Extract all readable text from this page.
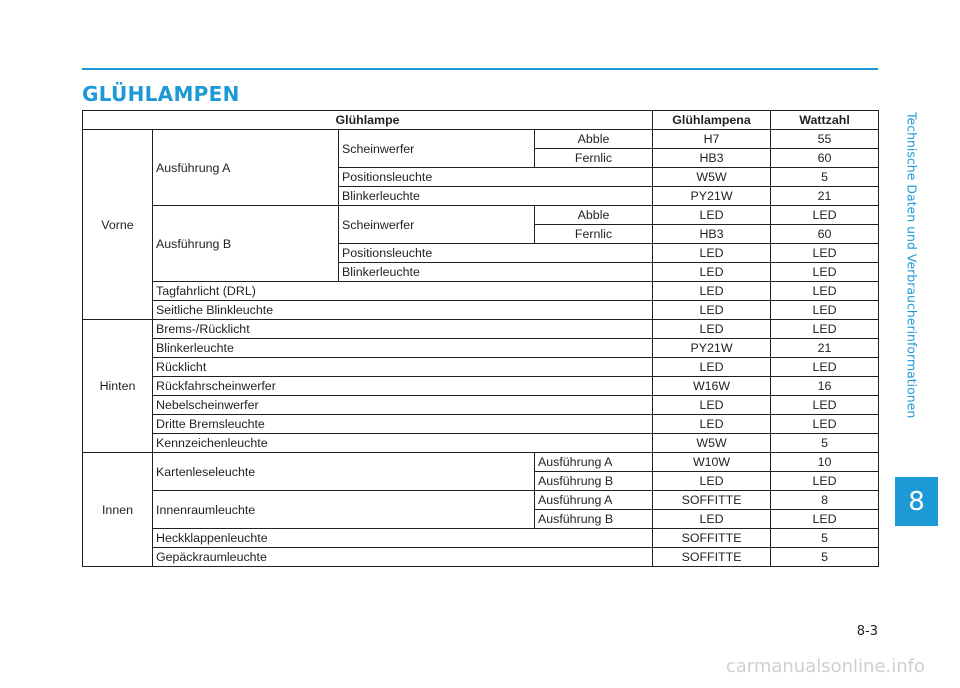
GLÜHLAMPEN
Technische Daten und Verbraucherinformationen
8
Glühlampe				Glühlampena	Wattzahl
Vorne	Ausführung A	Scheinwerfer	Abble	H7	55
			Fernlic	HB3	60
		Positionsleuchte		W5W	5
		Blinkerleuchte		PY21W	21
	Ausführung B	Scheinwerfer	Abble	LED	LED
			Fernlic	HB3	60
		Positionsleuchte		LED	LED
		Blinkerleuchte		LED	LED
	Tagfahrlicht (DRL)			LED	LED
	Seitliche Blinkleuchte			LED	LED
Hinten	Brems-/Rücklicht			LED	LED
	Blinkerleuchte			PY21W	21
	Rücklicht			LED	LED
	Rückfahrscheinwerfer			W16W	16
	Nebelscheinwerfer			LED	LED
	Dritte Bremsleuchte			LED	LED
	Kennzeichenleuchte			W5W	5
Innen	Kartenleseleuchte		Ausführung A	W10W	10
			Ausführung B	LED	LED
	Innenraumleuchte		Ausführung A	SOFFITTE	8
			Ausführung B	LED	LED
	Heckklappenleuchte			SOFFITTE	5
	Gepäckraumleuchte			SOFFITTE	5
8-3
carmanualsonline.info
